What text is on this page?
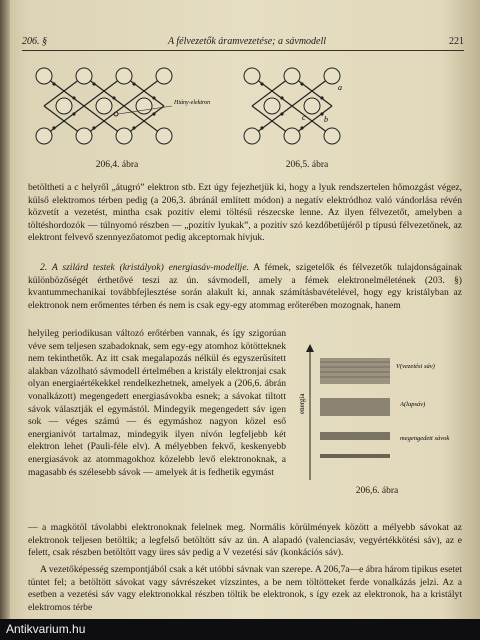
206. §	A félvezetők áramvezetése; a sávmodell	221
Hiány-elektron
206,4. ábra
a
b
c
206,5. ábra

betöltheti a c helyről „átugró” elektron stb. Ezt úgy fejezhetjük ki, hogy a lyuk rendszertelen hőmozgást végez, külső elektromos térben pedig (a 206,3. ábránál említett módon) a negatív elektródhoz való vándorlása révén közvetít a vezetést, mintha csak pozitív elemi töltésű részecske lenne. Az ilyen félvezetőt, amelyben a töltéshordozók — túlnyomó részben — „pozitív lyukak”, a pozitív szó kezdőbetűjéről p típusú félvezetőnek, az elektront felvevő szennyezőatomot pedig akceptornak hívjuk.

2. A szilárd testek (kristályok) energiasáv-modellje. A fémek, szigetelők és félvezetők tulajdonságainak különbözőségét érthetővé teszi az ún. sávmodell, amely a fémek elektronelméletének (203. §) kvantummechanikai továbbfejlesztése során alakult ki, annak számításbavételével, hogy egy kristályban az elektronok nem erőmentes térben és nem is csak egy-egy atommag erőterében mozognak, hanem

helyileg periodikusan változó erőtérben vannak, és így szigorúan véve sem teljesen szabadoknak, sem egy-egy atomhoz kötötteknek nem tekinthetők. Az itt csak megalapozás nélkül és egyszerűsített alakban vázolható sávmodell értelmében a kristály elektronjai csak olyan energiaértékekkel rendelkezhetnek, amelyek a (206,6. ábrán vonalkázott) megengedett energiasávokba esnek; a sávokat tiltott sávok választják el egymástól. Mindegyik megengedett sáv igen sok — véges számú — és egymáshoz nagyon közel eső energianívót tartalmaz, mindegyik ilyen nívón legfeljebb két elektron lehet (Pauli-féle elv). A mélyebben fekvő, keskenyebb energiasávok az atommagokhoz közelebb levő elektronoknak, a magasabb és szélesebb sávok — amelyek át is fedhetik egymást

energia
V(vezetési sáv)
A(lapsáv)
megengedett sávok
206,6. ábra

— a magkötöl távolabbi elektronoknak felelnek meg. Normális körülmények között a mélyebb sávokat az elektronok teljesen betöltik; a legfelső betöltött sáv az ún. A alapadó (valenciasáv, vegyértékkötési sáv), az e felett, csak részben betöltött vagy üres sáv pedig a V vezetési sáv (konkációs sáv).

A vezetőképesség szempontjából csak a két utóbbi sávnak van szerepe. A 206,7a—e ábra három tipikus esetet tüntet fel; a betöltött sávokat vagy sávrészeket vízszintes, a be nem töltötteket ferde vonalkázás jelzi. Az a esetben a vezetési sáv vagy elektronokkal részben töltik be elektronok, s így ezek az elektronok, ha a kristályt elektromos térbe

Antikvarium.hu
